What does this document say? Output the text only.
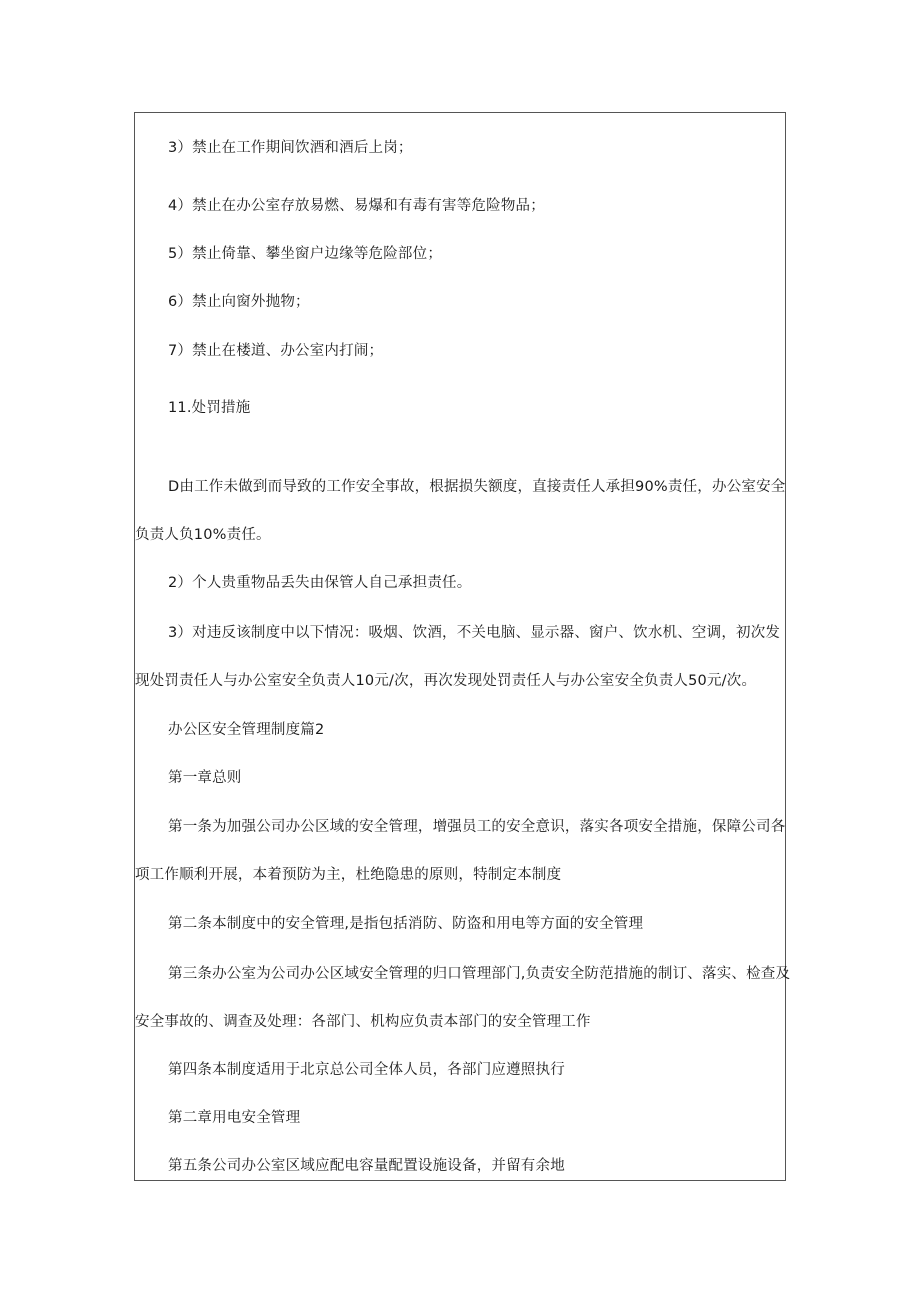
3）禁止在工作期间饮酒和酒后上岗；

4）禁止在办公室存放易燃、易爆和有毒有害等危险物品；

5）禁止倚靠、攀坐窗户边缘等危险部位；

6）禁止向窗外抛物；

7）禁止在楼道、办公室内打闹；

11.处罚措施

D由工作未做到而导致的工作安全事故，根据损失额度，直接责任人承担90%责任，办公室安全

负责人负10%责任。

2）个人贵重物品丢失由保管人自己承担责任。

3）对违反该制度中以下情况：吸烟、饮酒，不关电脑、显示器、窗户、饮水机、空调，初次发

现处罚责任人与办公室安全负责人10元/次，再次发现处罚责任人与办公室安全负责人50元/次。

办公区安全管理制度篇2

第一章总则

第一条为加强公司办公区域的安全管理，增强员工的安全意识，落实各项安全措施，保障公司各

项工作顺利开展，本着预防为主，杜绝隐患的原则，特制定本制度

第二条本制度中的安全管理,是指包括消防、防盗和用电等方面的安全管理

第三条办公室为公司办公区域安全管理的归口管理部门,负责安全防范措施的制订、落实、检查及

安全事故的、调查及处理：各部门、机构应负责本部门的安全管理工作

第四条本制度适用于北京总公司全体人员，各部门应遵照执行

第二章用电安全管理

第五条公司办公室区域应配电容量配置设施设备，并留有余地
